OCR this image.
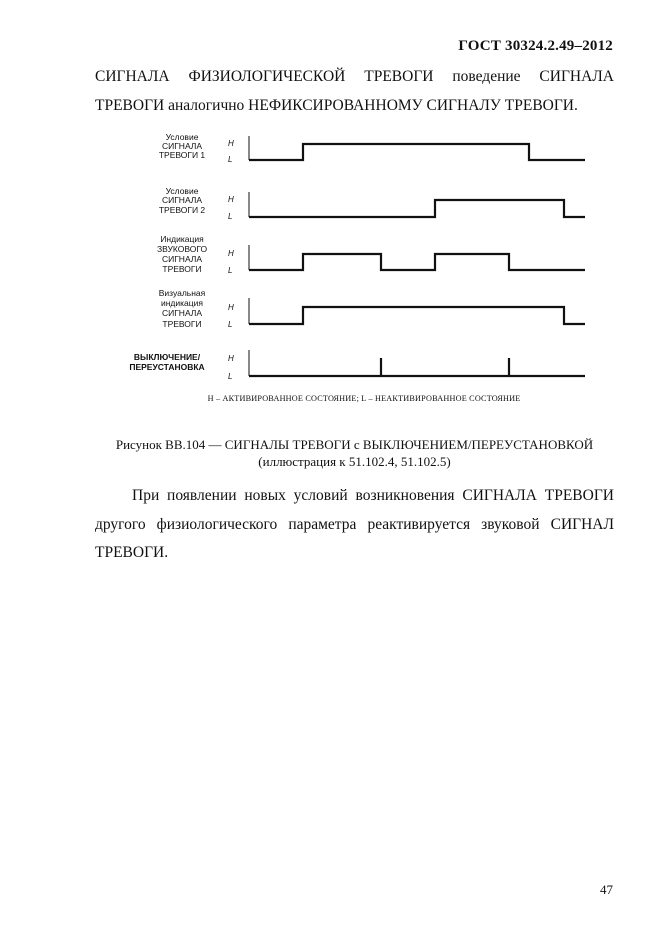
ГОСТ 30324.2.49–2012
СИГНАЛА ФИЗИОЛОГИЧЕСКОЙ ТРЕВОГИ поведение СИГНАЛА
ТРЕВОГИ аналогично НЕФИКСИРОВАННОМУ СИГНАЛУ ТРЕВОГИ.
Условие
СИГНАЛА
ТРЕВОГИ 1
H
L
Условие
СИГНАЛА
ТРЕВОГИ 2
H
L
Индикация
ЗВУКОВОГО
СИГНАЛА
ТРЕВОГИ
H
L
Визуальная
индикация
СИГНАЛА
ТРЕВОГИ
H
L
ВЫКЛЮЧЕНИЕ/
ПЕРЕУСТАНОВКА
H
L
H – АКТИВИРОВАННОЕ СОСТОЯНИЕ; L – НЕАКТИВИРОВАННОЕ СОСТОЯНИЕ
Рисунок ВВ.104 — СИГНАЛЫ ТРЕВОГИ с ВЫКЛЮЧЕНИЕМ/ПЕРЕУСТАНОВКОЙ
(иллюстрация к 51.102.4, 51.102.5)
При появлении новых условий возникновения СИГНАЛА ТРЕВОГИ другого физиологического параметра реактивируется звуковой СИГНАЛ ТРЕВОГИ.
47
